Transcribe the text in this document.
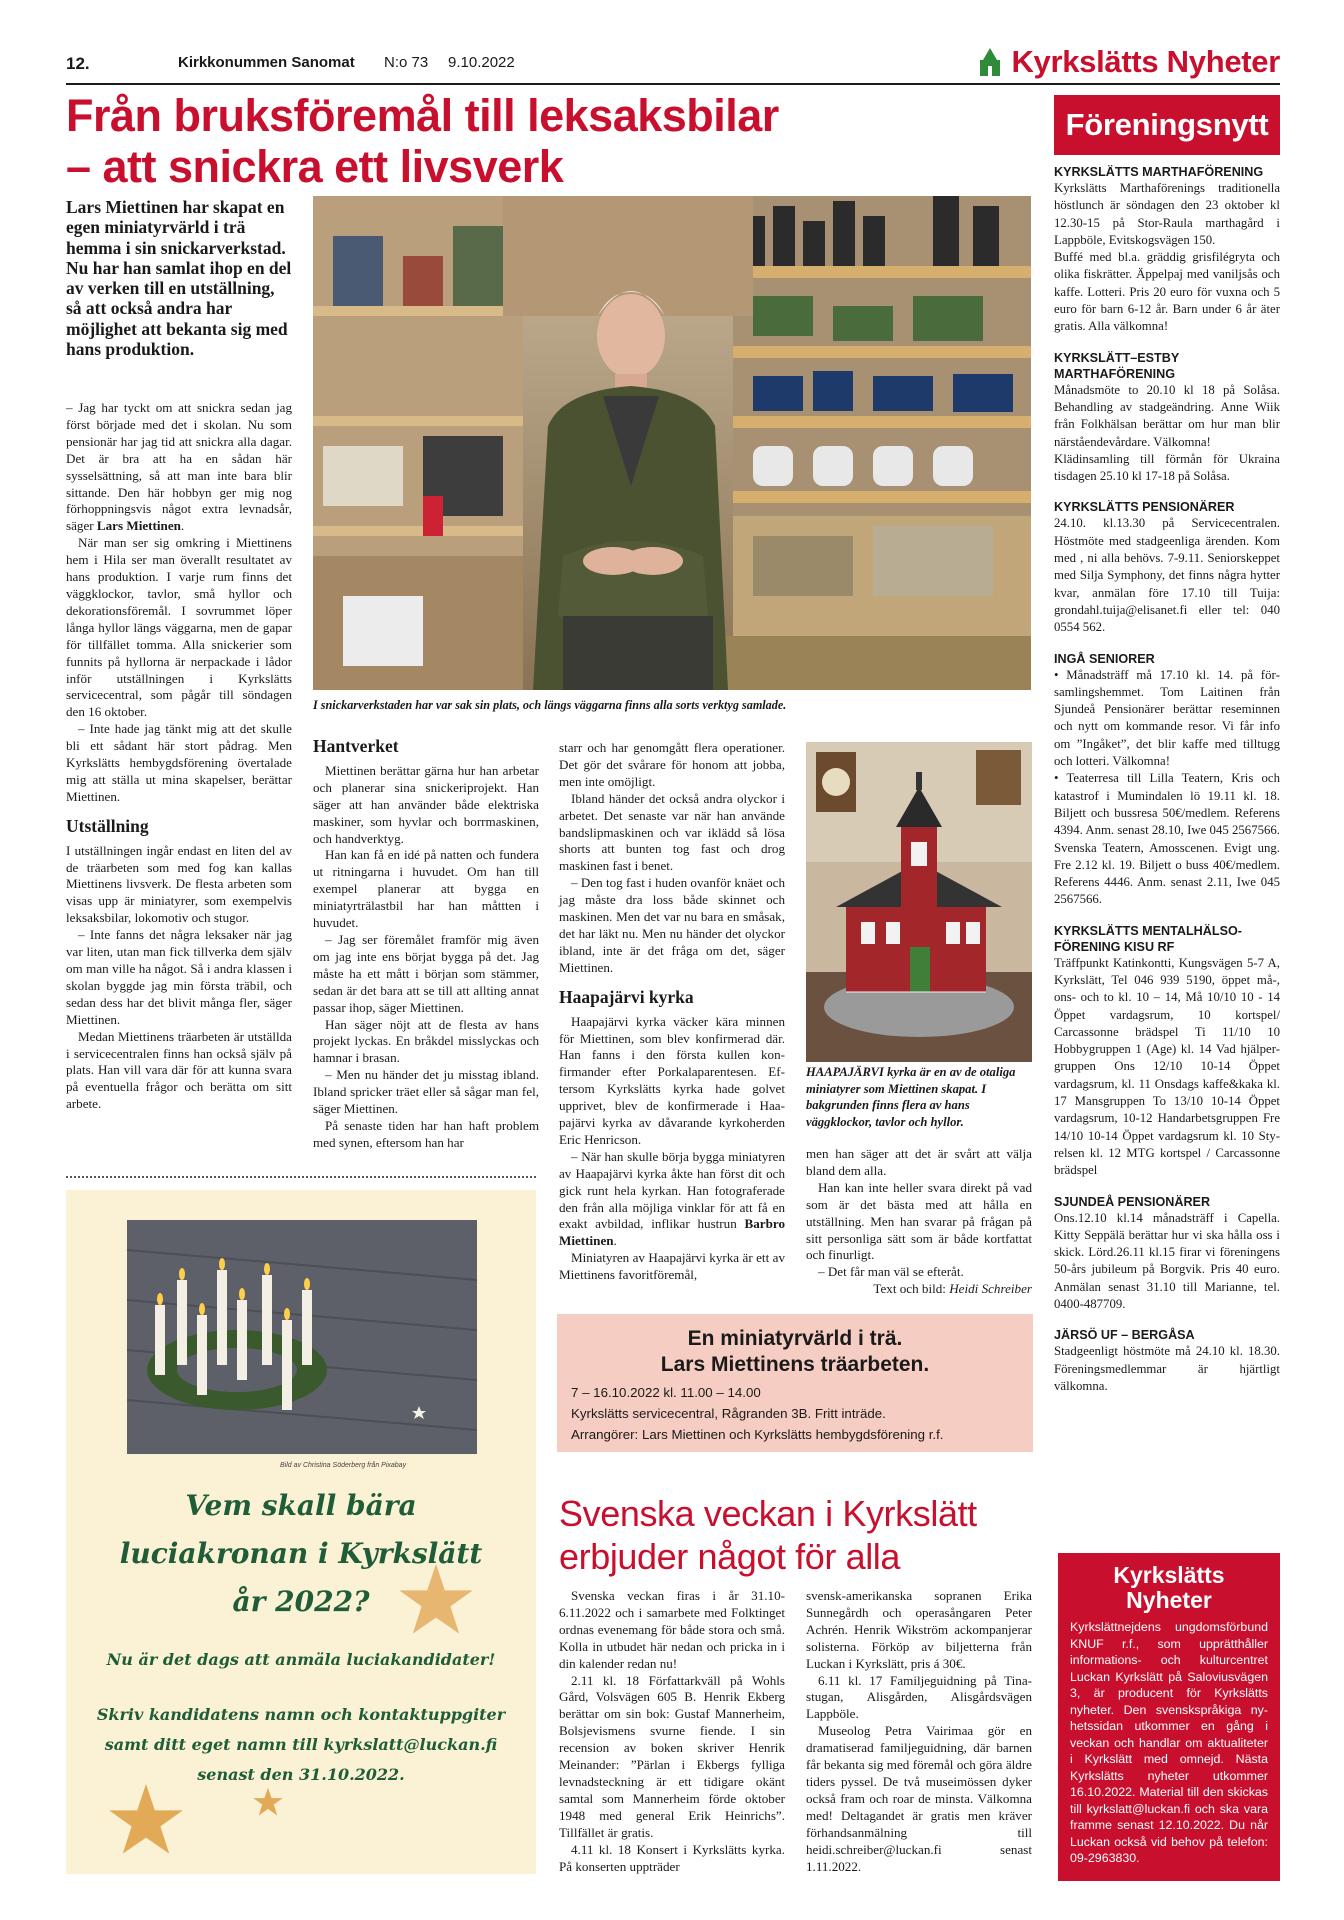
12.	Kirkkonummen Sanomat N:o 73 9.10.2022	Kyrkslätts Nyheter
Från bruksföremål till leksaksbilar
– att snickra ett livsverk
Lars Miettinen har skapat en egen miniatyrvärld i trä hemma i sin snickarverkstad. Nu har han samlat ihop en del av verken till en utställning, så att också andra har möjlighet att bekanta sig med hans produktion.

– Jag har tyckt om att snickra sedan jag först började med det i skolan. Nu som pensionär har jag tid att snickra alla dagar. Det är bra att ha en sådan här sysselsättning, så att man inte bara blir sittande. Den här hobbyn ger mig nog förhoppningsvis något extra levnadsår, säger Lars Miettinen.

När man ser sig omkring i Miettinens hem i Hila ser man överallt resultatet av hans produktion. I varje rum finns det väggklockor, tavlor, små hyllor och dekorationsföremål. I sovrummet löper långa hyllor längs väggarna, men de gapar för tillfället tomma. Alla snickerier som funnits på hyllorna är nerpackade i lådor inför utställningen i Kyrkslätts servicecentral, som pågår till söndagen den 16 oktober.

– Inte hade jag tänkt mig att det skulle bli ett sådant här stort pådrag. Men Kyrkslätts hembygdsförening övertalade mig att ställa ut mina skapelser, berättar Miettinen.

Utställning

I utställningen ingår endast en liten del av de träarbeten som med fog kan kallas Miettinens livsverk. De flesta arbeten som visas upp är miniatyrer, som exempelvis leksaksbilar, lokomotiv och stugor.

– Inte fanns det några leksaker när jag var liten, utan man fick tillverka dem själv om man ville ha något. Så i andra klassen i skolan byggde jag min första träbil, och sedan dess har det blivit många fler, säger Miettinen.

Medan Miettinens träarbeten är utställda i servicecentralen finns han också själv på plats. Han vill vara där för att kunna svara på eventuella frågor och berätta om sitt arbete.

I snickarverkstaden har var sak sin plats, och längs väggarna finns alla sorts verktyg samlade.
Hantverket

Miettinen berättar gärna hur han arbetar och planerar sina snickeriprojekt. Han säger att han använder både elektriska maskiner, som hyvlar och borrmaskinen, och handverktyg.

Han kan få en idé på natten och fundera ut ritningarna i huvudet. Om han till exempel planerar att bygga en miniatyrträlastbil har han måttten i huvudet.

– Jag ser föremålet framför mig även om jag inte ens börjat bygga på det. Jag måste ha ett mått i början som stämmer, sedan är det bara att se till att allting annat passar ihop, säger Miettinen.

Han säger nöjt att de flesta av hans projekt lyckas. En bråkdel misslyckas och hamnar i brasan.

– Men nu händer det ju misstag ibland. Ibland spricker träet eller så sågar man fel, säger Miettinen.

På senaste tiden har han haft problem med synen, eftersom han har

starr och har genomgått flera operationer. Det gör det svårare för honom att jobba, men inte omöjligt.

Ibland händer det också andra olyckor i arbetet. Det senaste var när han använde bandslipmaskinen och var iklädd så lösa shorts att bunten tog fast och drog maskinen fast i benet.

– Den tog fast i huden ovanför knäet och jag måste dra loss både skinnet och maskinen. Men det var nu bara en småsak, det har läkt nu. Men nu händer det olyckor ibland, inte är det fråga om det, säger Miettinen.

Haapajärvi kyrka

Haapajärvi kyrka väcker kära minnen för Miettinen, som blev konfirmerad där. Han fanns i den första kullen konfirmander efter Porkalaparentesen. Eftersom Kyrkslätts kyrka hade golvet upprivet, blev de konfirmerade i Haapajärvi kyrka av dåvarande kyrkoherden Eric Henricson.

– När han skulle börja bygga miniatyren av Haapajärvi kyrka åkte han först dit och gick runt hela kyrkan. Han fotograferade den från alla möjliga vinklar för att få en exakt avbildad, inflikar hustrun Barbro Miettinen.

Miniatyren av Haapajärvi kyrka är ett av Miettinens favoritföremål,

HAAPAJÄRVI kyrka är en av de otaliga miniatyrer som Miettinen skapat. I bakgrunden finns flera av hans väggklockor, tavlor och hyllor.

men han säger att det är svårt att välja bland dem alla.

Han kan inte heller svara direkt på vad som är det bästa med att hålla en utställning. Men han svarar på frågan på sitt personliga sätt som är både kortfattat och finurligt.

– Det får man väl se efteråt.

Text och bild: Heidi Schreiber

En miniatyrvärld i trä.
Lars Miettinens träarbeten.
7 – 16.10.2022 kl. 11.00 – 14.00
Kyrkslätts servicecentral, Rågranden 3B. Fritt inträde.
Arrangörer: Lars Miettinen och Kyrkslätts hembygdsförening r.f.
Svenska veckan i Kyrkslätt
erbjuder något för alla

Svenska veckan firas i år 31.10-6.11.2022 och i samarbete med Folktinget ordnas evenemang för både stora och små. Kolla in utbudet här nedan och pricka in i din kalender redan nu!

2.11 kl. 18 Författarkväll på Wohls Gård, Volsvägen 605 B. Henrik Ekberg berättar om sin bok: Gustaf Mannerheim, Bolsjevismens svurne fiende. I sin recension av boken skriver Henrik Meinander: ”Pärlan i Ekbergs fylliga levnadsteckning är ett tidigare okänt samtal som Mannerheim förde oktober 1948 med general Erik Heinrichs”. Tillfället är gratis.

4.11 kl. 18 Konsert i Kyrkslätts kyrka. På konserten uppträder

svensk-amerikanska sopranen Erika Sunnegårdh och operasångaren Peter Achrén. Henrik Wikström ackompanjerar solisterna. Förköp av biljetterna från Luckan i Kyrkslätt, pris á 30€.

6.11 kl. 17 Familjeguidning på Tina-stugan, Alisgården, Alisgårdsvägen Lappböle.

Museolog Petra Vairimaa gör en dramatiserad familjeguidning, där barnen får bekanta sig med föremål och göra äldre tiders pyssel. De två museimössen dyker också fram och roar de minsta. Välkomna med! Deltagandet är gratis men kräver förhandsanmälning till heidi.schreiber@luckan.fi senast 1.11.2022.

Bild av Christina Söderberg från Pixabay
Vem skall bära
luciakronan i Kyrkslätt
år 2022?
Nu är det dags att anmäla luciakandidater!
Skriv kandidatens namn och kontaktuppgiter
samt ditt eget namn till kyrkslatt@luckan.fi
senast den 31.10.2022.
Föreningsnytt
KYRKSLÄTTS MARTHAFÖRENING
Kyrkslätts Marthaförenings traditionella höstlunch är söndagen den 23 oktober kl 12.30-15 på Stor-Raula marthagård i Lappböle, Evitskogsvägen 150.
Buffé med bl.a. gräddig grisfilégryta och olika fiskrätter. Äppelpaj med vaniljsås och kaffe. Lotteri. Pris 20 euro för vuxna och 5 euro för barn 6-12 år. Barn under 6 år äter gratis. Alla välkomna!
KYRKSLÄTT–ESTBY MARTHAFÖRENING
Månadsmöte to 20.10 kl 18 på Solåsa. Behandling av stadgeändring. Anne Wiik från Folkhälsan berättar om hur man blir närståendevårdare. Välkomna!
Klädinsamling till förmån för Ukraina tisdagen 25.10 kl 17-18 på Solåsa.
KYRKSLÄTTS PENSIONÄRER
24.10. kl.13.30 på Servicecentralen. Höstmöte med stadgeenliga ärenden. Kom med , ni alla behövs. 7-9.11. Seniorskeppet med Silja Symphony, det finns några hytter kvar, anmälan före 17.10 till Tuija: grondahl.tuija@elisanet.fi eller tel: 040 0554 562.
INGÅ SENIORER
• Månadsträff må 17.10 kl. 14. på församlingshemmet. Tom Laitinen från Sjundeå Pensionärer berättar reseminnen och nytt om kommande resor. Vi får info om ”Ingåket”, det blir kaffe med tilltugg och lotteri. Välkomna!
• Teaterresa till Lilla Teatern, Kris och katastrof i Mumindalen lö 19.11 kl. 18. Biljett och bussresa 50€/medlem. Referens 4394. Anm. senast 28.10, Iwe 045 2567566. Svenska Teatern, Amosscenen. Evigt ung. Fre 2.12 kl. 19. Biljett o buss 40€/medlem. Referens 4446. Anm. senast 2.11, Iwe 045 2567566.
KYRKSLÄTTS MENTALHÄLSOFÖRENING KISU RF
Träffpunkt Katinkontti, Kungsvägen 5-7 A, Kyrkslätt, Tel 046 939 5190, öppet må-, ons- och to kl. 10 – 14, Må 10/10 10 - 14 Öppet vardagsrum, 10 kortspel/ Carcassonne brädspel Ti 11/10 10 Hobbygruppen 1 (Age) kl. 14 Vad hjälper-gruppen Ons 12/10 10-14 Öppet vardagsrum, kl. 11 Onsdags kaffe&kaka kl. 17 Mansgruppen To 13/10 10-14 Öppet vardagsrum, 10-12 Handarbetsgruppen Fre 14/10 10-14 Öppet vardagsrum kl. 10 Styrelsen kl. 12 MTG kortspel / Carcassonne brädspel
SJUNDEÅ PENSIONÄRER
Ons.12.10 kl.14 månadsträff i Capella. Kitty Seppälä berättar hur vi ska hålla oss i skick. Lörd.26.11 kl.15 firar vi föreningens 50-års jubileum på Borgvik. Pris 40 euro. Anmälan senast 31.10 till Marianne, tel. 0400-487709.
JÄRSÖ UF – BERGÅSA
Stadgeenligt höstmöte må 24.10 kl. 18.30. Föreningsmedlemmar är hjärtligt välkomna.
Kyrkslätts
Nyheter
Kyrkslättnejdens ungdomsförbund KNUF r.f., som upprätthåller informations- och kulturcentret Luckan Kyrkslätt på Saloviusvägen 3, är producent för Kyrkslätts nyheter. Den svenskspråkiga nyhetssidan utkommer en gång i veckan och handlar om aktualiteter i Kyrkslätt med omnejd. Nästa Kyrkslätts nyheter utkommer 16.10.2022. Material till den skickas till kyrkslatt@luckan.fi och ska vara framme senast 12.10.2022. Du når Luckan också vid behov på telefon: 09-2963830.
